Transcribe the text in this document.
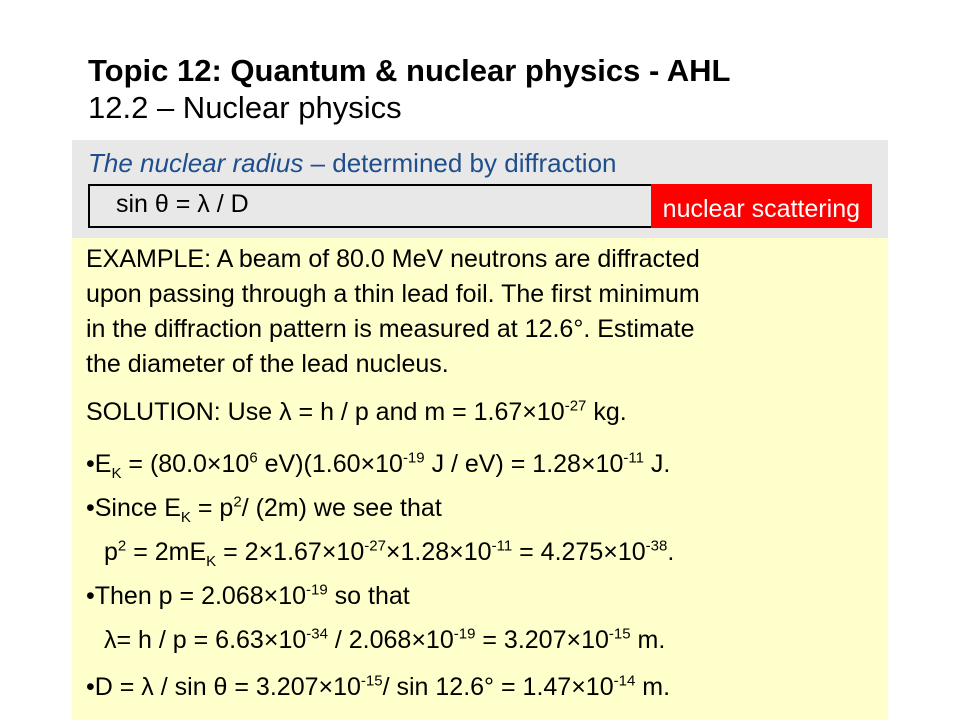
Topic 12: Quantum & nuclear physics - AHL
12.2 – Nuclear physics
The nuclear radius – determined by diffraction
sin θ = λ / D	nuclear scattering
EXAMPLE: A beam of 80.0 MeV neutrons are diffracted
upon passing through a thin lead foil. The first minimum
in the diffraction pattern is measured at 12.6°. Estimate
the diameter of the lead nucleus.
SOLUTION: Use λ = h / p and $m = 1.67\times 10^{-27}$ kg.
$•E_K = (80.0\times 10^6$ $eV)(1.60\times 10^{-19}$ $J / eV) = 1.28\times 10^{-11}$ J.
•Since $E_K = p^2/$ (2m) we see that
$p^2 = 2mE_K = 2\times 1.67\times 10^{-27}\times 1.28\times 10^{-11} = 4.275\times 10^{-38}$.
•Then $p = 2.068\times 10^{-19}$ so that
$\lambda= h / p = 6.63\times 10^{-34} / 2.068\times 10^{-19} = 3.207\times 10^{-15}$ m.
•D = $\lambda / \sin \theta = 3.207\times 10^{-15}/$ $\sin 12.6^\circ = 1.47\times 10^{-14}$ m.
